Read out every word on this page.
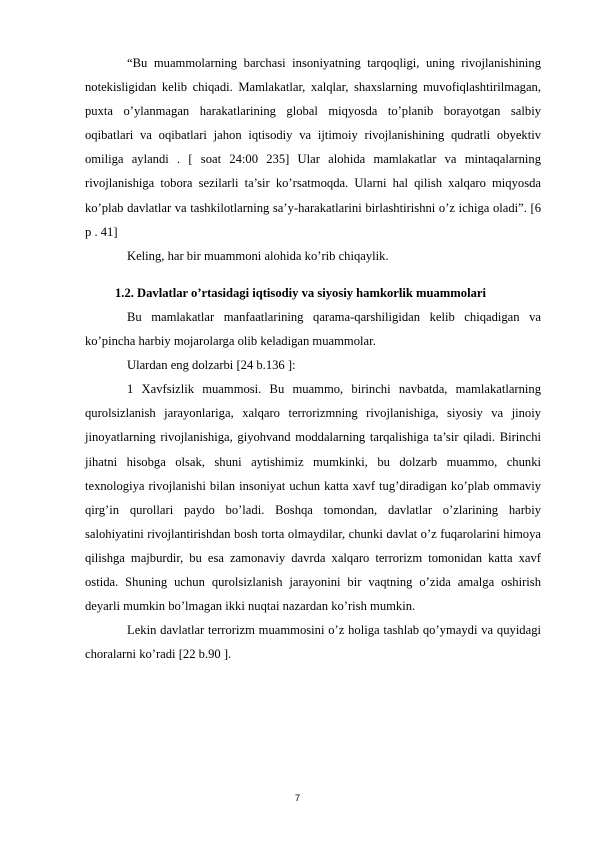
“Bu muammolarning barchasi insoniyatning tarqoqligi, uning rivojlanishining notekisligidan kelib chiqadi. Mamlakatlar, xalqlar, shaxslarning muvofiqlashtirilmagan, puxta o’ylanmagan harakatlarining global miqyosda to’planib borayotgan salbiy oqibatlari va oqibatlari jahon iqtisodiy va ijtimoiy rivojlanishining qudratli obyektiv omiliga aylandi . [ soat 24:00 235] Ular alohida mamlakatlar va mintaqalarning rivojlanishiga tobora sezilarli ta’sir ko’rsatmoqda. Ularni hal qilish xalqaro miqyosda ko’plab davlatlar va tashkilotlarning sa’y-harakatlarini birlashtirishni o’z ichiga oladi”. [6 p . 41]

Keling, har bir muammoni alohida ko’rib chiqaylik.

1.2. Davlatlar o’rtasidagi iqtisodiy va siyosiy hamkorlik muammolari

Bu mamlakatlar manfaatlarining qarama-qarshiligidan kelib chiqadigan va ko’pincha harbiy mojarolarga olib keladigan muammolar.

Ulardan eng dolzarbi [24 b.136 ]:

1 Xavfsizlik muammosi. Bu muammo, birinchi navbatda, mamlakatlarning qurolsizlanish jarayonlariga, xalqaro terrorizmning rivojlanishiga, siyosiy va jinoiy jinoyatlarning rivojlanishiga, giyohvand moddalarning tarqalishiga ta’sir qiladi. Birinchi jihatni hisobga olsak, shuni aytishimiz mumkinki, bu dolzarb muammo, chunki texnologiya rivojlanishi bilan insoniyat uchun katta xavf tug’diradigan ko’plab ommaviy qirg’in qurollari paydo bo’ladi. Boshqa tomondan, davlatlar o’zlarining harbiy salohiyatini rivojlantirishdan bosh torta olmaydilar, chunki davlat o’z fuqarolarini himoya qilishga majburdir, bu esa zamonaviy davrda xalqaro terrorizm tomonidan katta xavf ostida. Shuning uchun qurolsizlanish jarayonini bir vaqtning o’zida amalga oshirish deyarli mumkin bo’lmagan ikki nuqtai nazardan ko’rish mumkin.

Lekin davlatlar terrorizm muammosini o’z holiga tashlab qo’ymaydi va quyidagi choralarni ko’radi [22 b.90 ].

7
